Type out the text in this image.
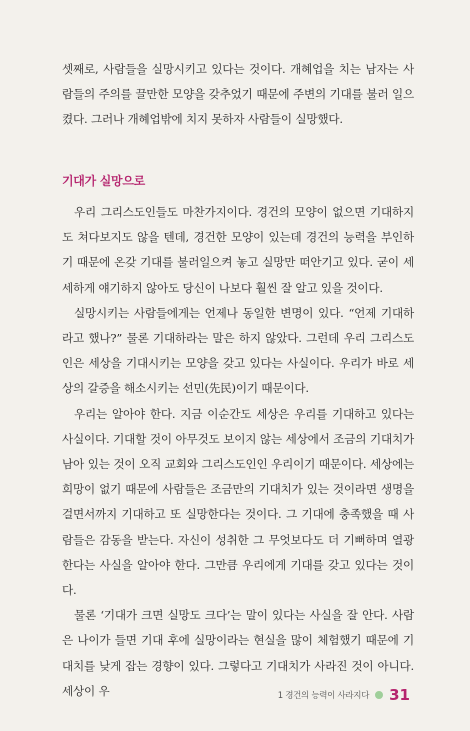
셋째로, 사람들을 실망시키고 있다는 것이다. 개혜업을 치는 남자는 사람들의 주의를 끌만한 모양을 갖추었기 때문에 주변의 기대를 불러 일으켰다. 그러나 개혜업밖에 치지 못하자 사람들이 실망했다.

기대가 실망으로

우리 그리스도인들도 마찬가지이다. 경건의 모양이 없으면 기대하지도 쳐다보지도 않을 텐데, 경건한 모양이 있는데 경건의 능력을 부인하기 때문에 온갖 기대를 불러일으켜 놓고 실망만 떠안기고 있다. 굳이 세세하게 얘기하지 않아도 당신이 나보다 훨씬 잘 알고 있을 것이다.

실망시키는 사람들에게는 언제나 동일한 변명이 있다. “언제 기대하라고 했나?” 물론 기대하라는 말은 하지 않았다. 그런데 우리 그리스도인은 세상을 기대시키는 모양을 갖고 있다는 사실이다. 우리가 바로 세상의 갈증을 해소시키는 선민(先民)이기 때문이다.

우리는 알아야 한다. 지금 이순간도 세상은 우리를 기대하고 있다는 사실이다. 기대할 것이 아무것도 보이지 않는 세상에서 조금의 기대치가 남아 있는 것이 오직 교회와 그리스도인인 우리이기 때문이다. 세상에는 희망이 없기 때문에 사람들은 조금만의 기대치가 있는 것이라면 생명을 걸면서까지 기대하고 또 실망한다는 것이다. 그 기대에 충족했을 때 사람들은 감동을 받는다. 자신이 성취한 그 무엇보다도 더 기뻐하며 열광한다는 사실을 알아야 한다. 그만큼 우리에게 기대를 갖고 있다는 것이다.

물론 ‘기대가 크면 실망도 크다’는 말이 있다는 사실을 잘 안다. 사람은 나이가 들면 기대 후에 실망이라는 현실을 많이 체험했기 때문에 기대치를 낮게 잡는 경향이 있다. 그렇다고 기대치가 사라진 것이 아니다. 세상이 우	1 경건의 능력이 사라지다 31
